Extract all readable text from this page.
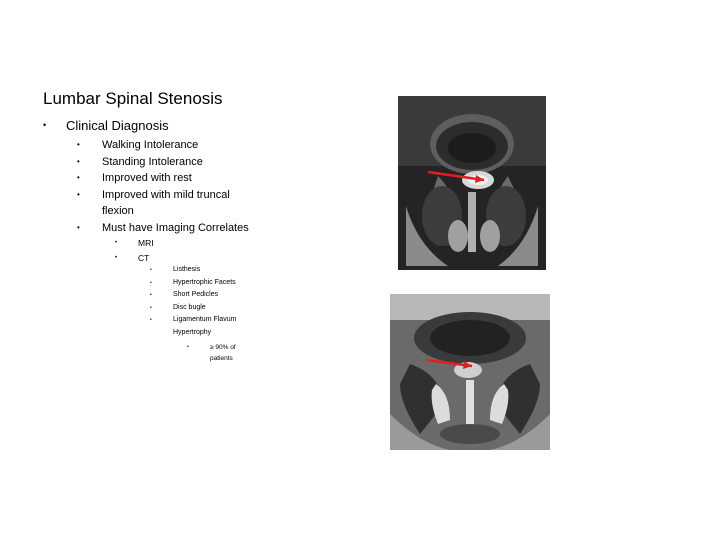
Lumbar Spinal Stenosis
• Clinical Diagnosis
• Walking Intolerance
• Standing Intolerance
• Improved with rest
• Improved with mild truncal flexion
• Must have Imaging Correlates
• MRI
• CT
•	Listhesis
•	Hypertrophic Facets
•	Short Pedicles
•	Disc bugle
•	Ligamentum Flavum Hypertrophy
•	≥ 90% of patients
